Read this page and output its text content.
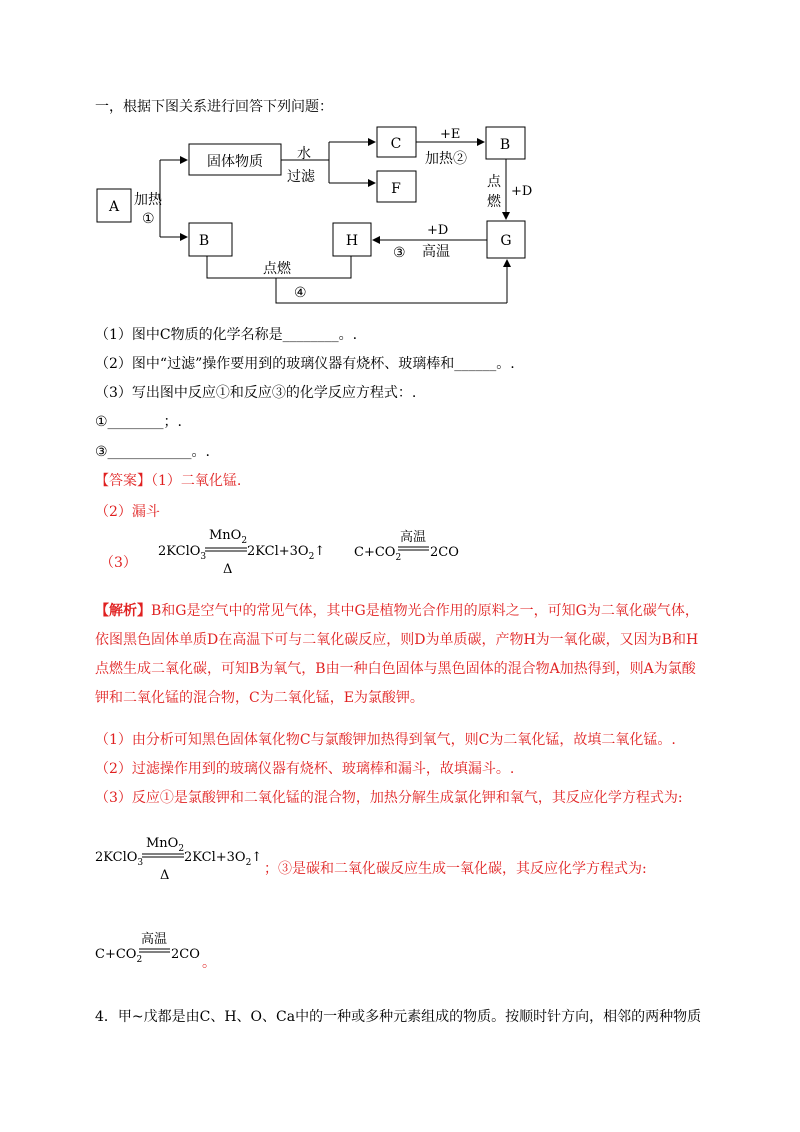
一，根据下图关系进行回答下列问题：
A
固体物质
C
F
B
G
H
B
加热
①
水
过滤
+E
加热②
点
燃
+D
+D
③ 高温
点燃
④
（1）图中C物质的化学名称是________。.
（2）图中“过滤”操作要用到的玻璃仪器有烧杯、玻璃棒和______。.
（3）写出图中反应①和反应③的化学反应方程式：.
①________；.
③____________。.
【答案】（1）二氧化锰.
（2）漏斗
（3）
2KClO$_3$
MnO$_2$
Δ
$2KCl+3O_2↑$ $C+CO_2$
高温
2CO
【解析】B和G是空气中的常见气体，其中G是植物光合作用的原料之一，可知G为二氧化碳气体，依图黑色固体单质D在高温下可与二氧化碳反应，则D为单质碳，产物H为一氧化碳，又因为B和H点燃生成二氧化碳，可知B为氧气，B由一种白色固体与黑色固体的混合物A加热得到，则A为氯酸钾和二氧化锰的混合物，C为二氧化锰，E为氯酸钾。
（1）由分析可知黑色固体氧化物C与氯酸钾加热得到氧气，则C为二氧化锰，故填二氧化锰。.
（2）过滤操作用到的玻璃仪器有烧杯、玻璃棒和漏斗，故填漏斗。.
（3）反应①是氯酸钾和二氧化锰的混合物，加热分解生成氯化钾和氧气，其反应化学方程式为:
2KClO$_3$
MnO$_2$
Δ
$2KCl+3O_2↑$
；③是碳和二氧化碳反应生成一氧化碳，其反应化学方程式为:
$C+CO_2$
高温
2CO
。
4．甲~戊都是由C、H、O、Ca中的一种或多种元素组成的物质。按顺时针方向，相邻的两种物质
